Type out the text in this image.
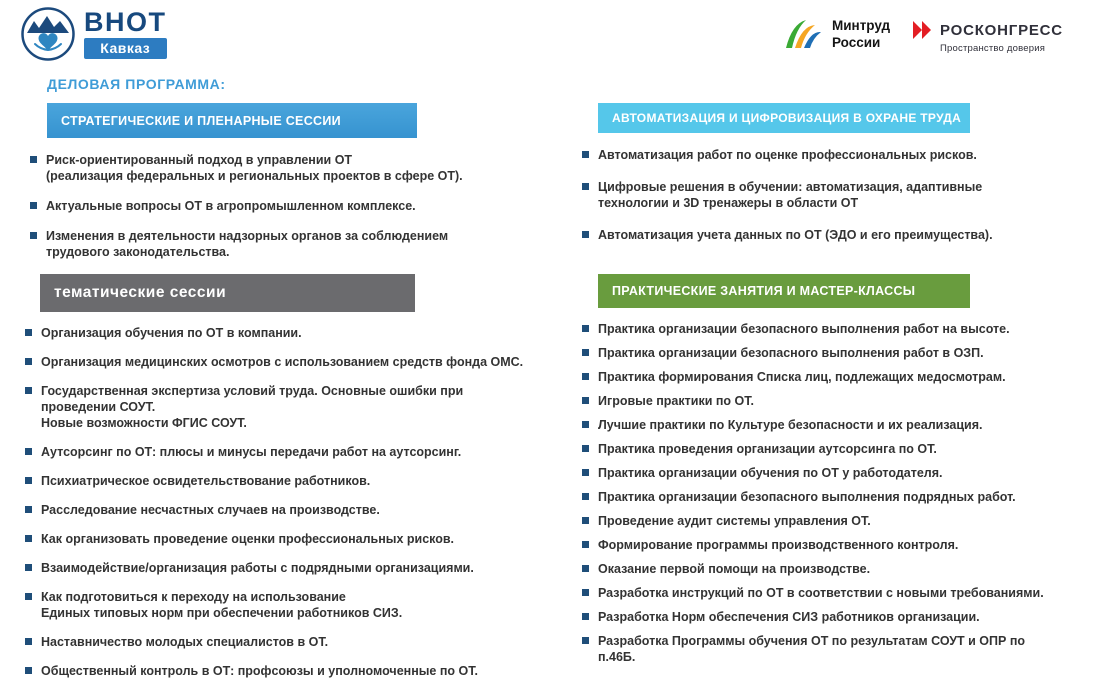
ВНОТ
Кавказ
Минтруд
России
РОСКОНГРЕСС
Пространство доверия
ДЕЛОВАЯ ПРОГРАММА:
СТРАТЕГИЧЕСКИЕ И ПЛЕНАРНЫЕ СЕССИИ
Риск-ориентированный подход в управлении ОТ
(реализация федеральных и региональных проектов в сфере ОТ).
Актуальные вопросы ОТ в агропромышленном комплексе.
Изменения в деятельности надзорных органов за соблюдением
трудового законодательства.
АВТОМАТИЗАЦИЯ И ЦИФРОВИЗАЦИЯ В ОХРАНЕ ТРУДА
Автоматизация работ по оценке профессиональных рисков.
Цифровые решения в обучении: автоматизация, адаптивные
технологии и 3D тренажеры в области ОТ
Автоматизация учета данных по ОТ (ЭДО и его преимущества).
тематические сессии
Организация обучения по ОТ в компании.
Организация медицинских осмотров с использованием средств фонда ОМС.
Государственная экспертиза условий труда. Основные ошибки при проведении СОУТ.
Новые возможности ФГИС СОУТ.
Аутсорсинг по ОТ: плюсы и минусы передачи работ на аутсорсинг.
Психиатрическое освидетельствование работников.
Расследование несчастных случаев на производстве.
Как организовать проведение оценки профессиональных рисков.
Взаимодействие/организация работы с подрядными организациями.
Как подготовиться к переходу на использование
Единых типовых норм при обеспечении работников СИЗ.
Наставничество молодых специалистов в ОТ.
Общественный контроль в ОТ: профсоюзы и уполномоченные по ОТ.
ПРАКТИЧЕСКИЕ ЗАНЯТИЯ И МАСТЕР-КЛАССЫ
Практика организации безопасного выполнения работ на высоте.
Практика организации безопасного выполнения работ в ОЗП.
Практика формирования Списка лиц, подлежащих медосмотрам.
Игровые практики по ОТ.
Лучшие практики по Культуре безопасности и их реализация.
Практика проведения организации аутсорсинга по ОТ.
Практика организации обучения по ОТ у работодателя.
Практика организации безопасного выполнения подрядных работ.
Проведение аудит системы управления ОТ.
Формирование программы производственного контроля.
Оказание первой помощи на производстве.
Разработка инструкций по ОТ в соответствии с новыми требованиями.
Разработка Норм обеспечения СИЗ работников организации.
Разработка Программы обучения ОТ по результатам СОУТ и ОПР по п.46Б.
